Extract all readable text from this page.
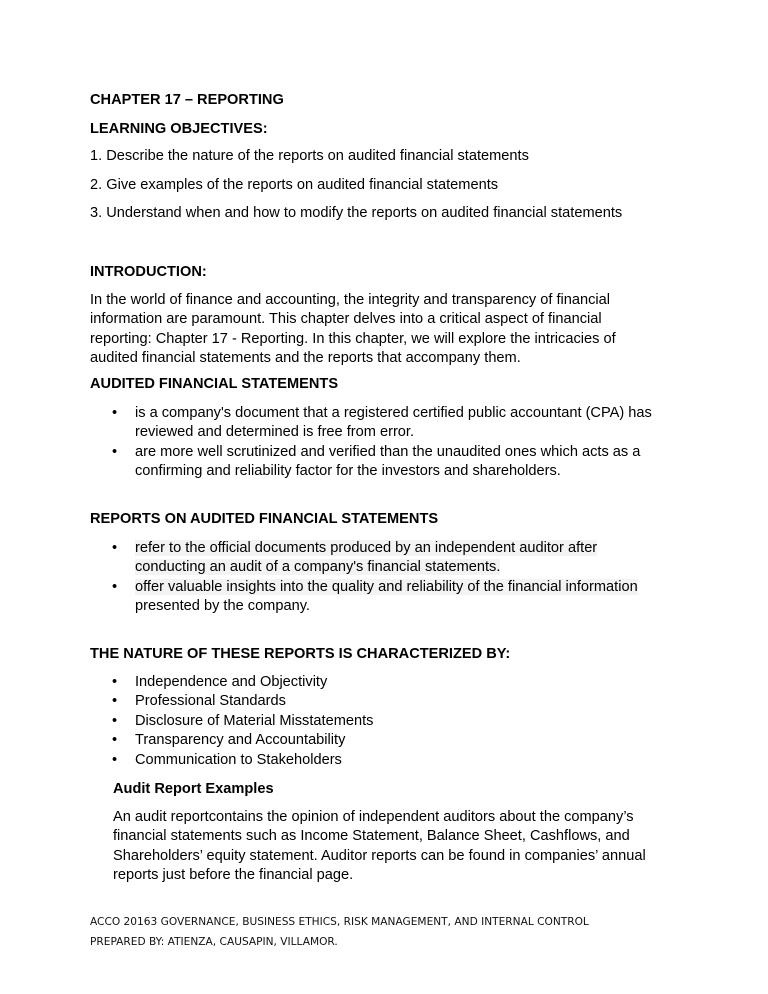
CHAPTER 17 – REPORTING

LEARNING OBJECTIVES:

1. Describe the nature of the reports on audited financial statements

2. Give examples of the reports on audited financial statements

3. Understand when and how to modify the reports on audited financial statements

INTRODUCTION:

In the world of finance and accounting, the integrity and transparency of financial
information are paramount. This chapter delves into a critical aspect of financial
reporting: Chapter 17 - Reporting. In this chapter, we will explore the intricacies of
audited financial statements and the reports that accompany them.

AUDITED FINANCIAL STATEMENTS

• is a company's document that a registered certified public accountant (CPA) has
reviewed and determined is free from error.
• are more well scrutinized and verified than the unaudited ones which acts as a
confirming and reliability factor for the investors and shareholders.

REPORTS ON AUDITED FINANCIAL STATEMENTS

• refer to the official documents produced by an independent auditor after
conducting an audit of a company's financial statements.
• offer valuable insights into the quality and reliability of the financial information
presented by the company.

THE NATURE OF THESE REPORTS IS CHARACTERIZED BY:

• Independence and Objectivity
• Professional Standards
• Disclosure of Material Misstatements
• Transparency and Accountability
• Communication to Stakeholders

Audit Report Examples

An audit reportcontains the opinion of independent auditors about the company’s
financial statements such as Income Statement, Balance Sheet, Cashflows, and
Shareholders’ equity statement. Auditor reports can be found in companies’ annual
reports just before the financial page.
ACCO 20163 GOVERNANCE, BUSINESS ETHICS, RISK MANAGEMENT, AND INTERNAL CONTROL
PREPARED BY: ATIENZA, CAUSAPIN, VILLAMOR.
